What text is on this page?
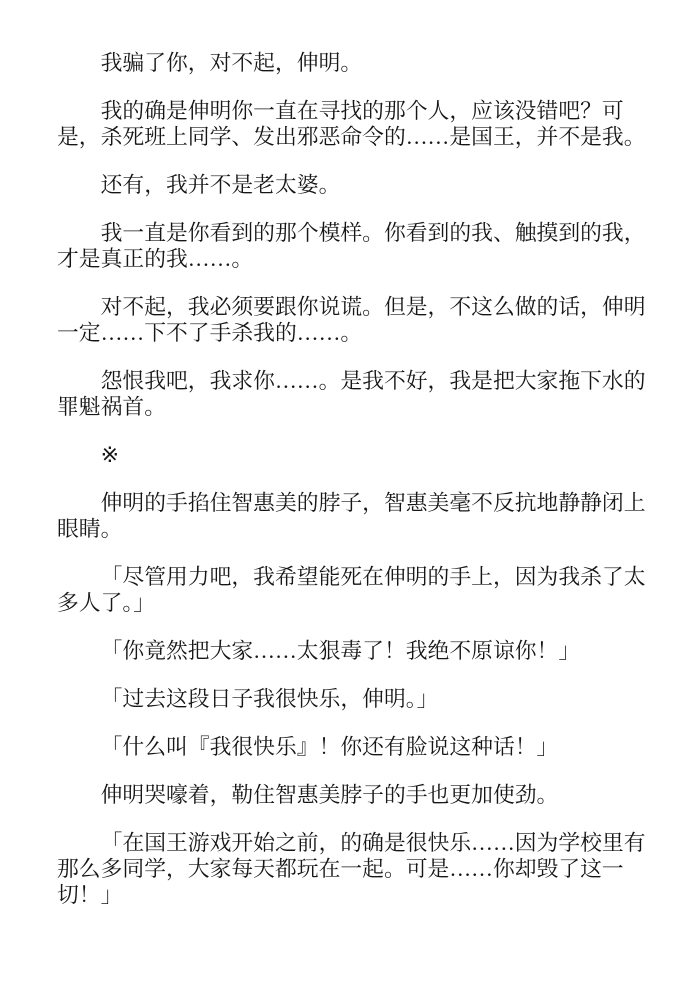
我骗了你，对不起，伸明。

我的确是伸明你一直在寻找的那个人，应该没错吧？可
是，杀死班上同学、发出邪恶命令的……是国王，并不是我。

还有，我并不是老太婆。

我一直是你看到的那个模样。你看到的我、触摸到的我，
才是真正的我……。

对不起，我必须要跟你说谎。但是，不这么做的话，伸明
一定……下不了手杀我的……。

怨恨我吧，我求你……。是我不好，我是把大家拖下水的
罪魁祸首。

※

伸明的手掐住智惠美的脖子，智惠美毫不反抗地静静闭上
眼睛。

「尽管用力吧，我希望能死在伸明的手上，因为我杀了太
多人了。」

「你竟然把大家……太狠毒了！我绝不原谅你！」

「过去这段日子我很快乐，伸明。」

「什么叫『我很快乐』！你还有脸说这种话！」

伸明哭嚎着，勒住智惠美脖子的手也更加使劲。

「在国王游戏开始之前，的确是很快乐……因为学校里有
那么多同学，大家每天都玩在一起。可是……你却毁了这一
切！」
